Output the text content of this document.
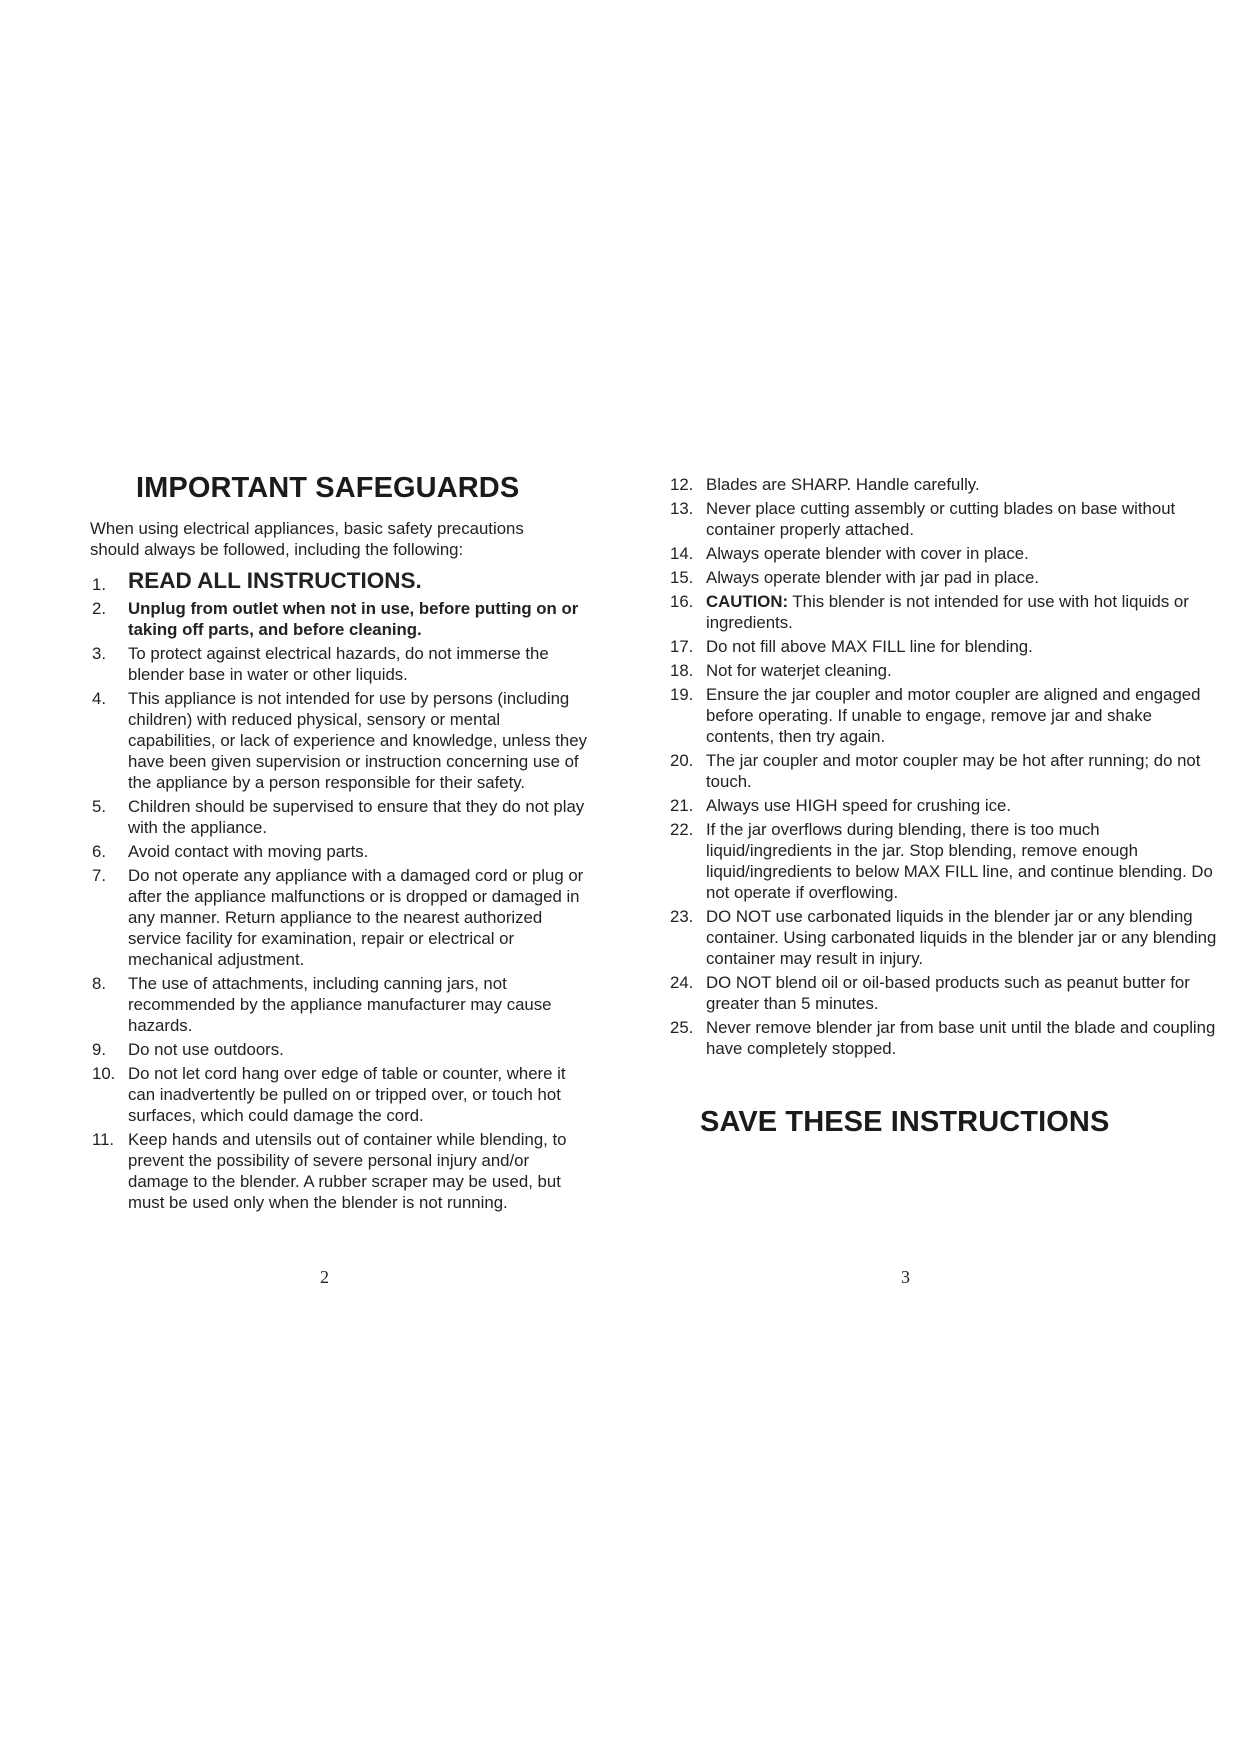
IMPORTANT SAFEGUARDS
When using electrical appliances, basic safety precautions should always be followed, including the following:
1. READ ALL INSTRUCTIONS.
2. Unplug from outlet when not in use, before putting on or taking off parts, and before cleaning.
3. To protect against electrical hazards, do not immerse the blender base in water or other liquids.
4. This appliance is not intended for use by persons (including children) with reduced physical, sensory or mental capabilities, or lack of experience and knowledge, unless they have been given supervision or instruction concerning use of the appliance by a person responsible for their safety.
5. Children should be supervised to ensure that they do not play with the appliance.
6. Avoid contact with moving parts.
7. Do not operate any appliance with a damaged cord or plug or after the appliance malfunctions or is dropped or damaged in any manner. Return appliance to the nearest authorized service facility for examination, repair or electrical or mechanical adjustment.
8. The use of attachments, including canning jars, not recommended by the appliance manufacturer may cause hazards.
9. Do not use outdoors.
10. Do not let cord hang over edge of table or counter, where it can inadvertently be pulled on or tripped over, or touch hot surfaces, which could damage the cord.
11. Keep hands and utensils out of container while blending, to prevent the possibility of severe personal injury and/or damage to the blender. A rubber scraper may be used, but must be used only when the blender is not running.
2
12. Blades are SHARP. Handle carefully.
13. Never place cutting assembly or cutting blades on base without container properly attached.
14. Always operate blender with cover in place.
15. Always operate blender with jar pad in place.
16. CAUTION: This blender is not intended for use with hot liquids or ingredients.
17. Do not fill above MAX FILL line for blending.
18. Not for waterjet cleaning.
19. Ensure the jar coupler and motor coupler are aligned and engaged before operating. If unable to engage, remove jar and shake contents, then try again.
20. The jar coupler and motor coupler may be hot after running; do not touch.
21. Always use HIGH speed for crushing ice.
22. If the jar overflows during blending, there is too much liquid/ingredients in the jar. Stop blending, remove enough liquid/ingredients to below MAX FILL line, and continue blending. Do not operate if overflowing.
23. DO NOT use carbonated liquids in the blender jar or any blending container. Using carbonated liquids in the blender jar or any blending container may result in injury.
24. DO NOT blend oil or oil-based products such as peanut butter for greater than 5 minutes.
25. Never remove blender jar from base unit until the blade and coupling have completely stopped.
SAVE THESE INSTRUCTIONS
3
